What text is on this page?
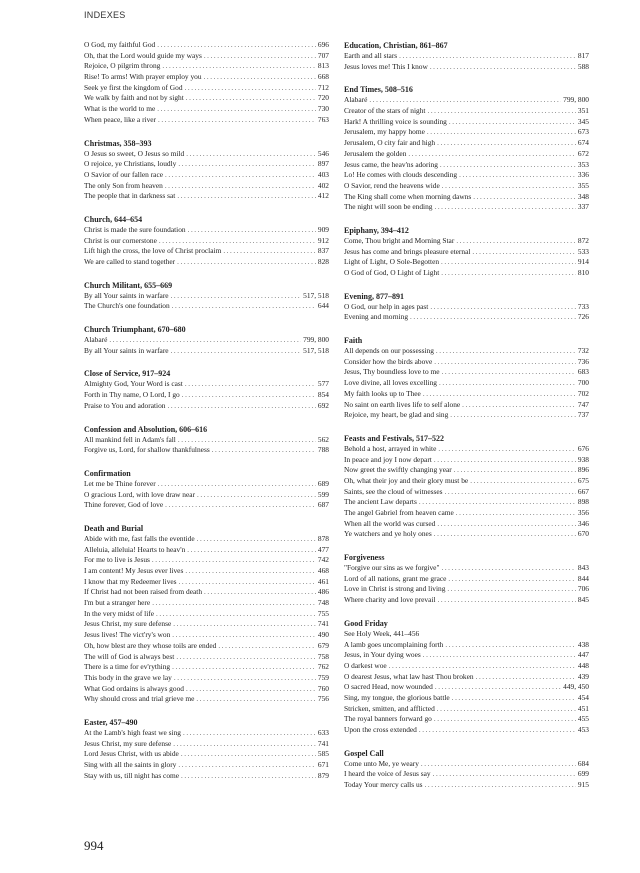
INDEXES
O God, my faithful God .....	696
Oh, that the Lord would guide my ways .....	707
Rejoice, O pilgrim throng .....	813
Rise! To arms! With prayer employ you .....	668
Seek ye first the kingdom of God .....	712
We walk by faith and not by sight .....	720
What is the world to me .....	730
When peace, like a river .....	763
Christmas, 358–393
O Jesus so sweet, O Jesus so mild .....	546
O rejoice, ye Christians, loudly .....	897
O Savior of our fallen race .....	403
The only Son from heaven .....	402
The people that in darkness sat .....	412
Church, 644–654
Christ is made the sure foundation .....	909
Christ is our cornerstone .....	912
Lift high the cross, the love of Christ proclaim .....	837
We are called to stand together .....	828
Church Militant, 655–669
By all Your saints in warfare .....	517, 518
The Church's one foundation .....	644
Church Triumphant, 670–680
Alabaré .....	799, 800
By all Your saints in warfare .....	517, 518
Close of Service, 917–924
Almighty God, Your Word is cast .....	577
Forth in Thy name, O Lord, I go .....	854
Praise to You and adoration .....	692
Confession and Absolution, 606–616
All mankind fell in Adam's fall .....	562
Forgive us, Lord, for shallow thankfulness .....	788
Confirmation
Let me be Thine forever .....	689
O gracious Lord, with love draw near .....	599
Thine forever, God of love .....	687
Death and Burial
Abide with me, fast falls the eventide .....	878
Alleluia, alleluia! Hearts to heav'n .....	477
For me to live is Jesus .....	742
I am content! My Jesus ever lives .....	468
I know that my Redeemer lives .....	461
If Christ had not been raised from death .....	486
I'm but a stranger here .....	748
In the very midst of life .....	755
Jesus Christ, my sure defense .....	741
Jesus lives! The vict'ry's won .....	490
Oh, how blest are they whose toils are ended .....	679
The will of God is always best .....	758
There is a time for ev'rything .....	762
This body in the grave we lay .....	759
What God ordains is always good .....	760
Why should cross and trial grieve me .....	756
Easter, 457–490
At the Lamb's high feast we sing .....	633
Jesus Christ, my sure defense .....	741
Lord Jesus Christ, with us abide .....	585
Sing with all the saints in glory .....	671
Stay with us, till night has come .....	879
Education, Christian, 861–867
Earth and all stars .....	817
Jesus loves me! This I know .....	588
End Times, 508–516
Alabaré .....	799, 800
Creator of the stars of night .....	351
Hark! A thrilling voice is sounding .....	345
Jerusalem, my happy home .....	673
Jerusalem, O city fair and high .....	674
Jerusalem the golden .....	672
Jesus came, the heav'ns adoring .....	353
Lo! He comes with clouds descending .....	336
O Savior, rend the heavens wide .....	355
The King shall come when morning dawns .....	348
The night will soon be ending .....	337
Epiphany, 394–412
Come, Thou bright and Morning Star .....	872
Jesus has come and brings pleasure eternal .....	533
Light of Light, O Sole-Begotten .....	914
O God of God, O Light of Light .....	810
Evening, 877–891
O God, our help in ages past .....	733
Evening and morning .....	726
Faith
All depends on our possessing .....	732
Consider how the birds above .....	736
Jesus, Thy boundless love to me .....	683
Love divine, all loves excelling .....	700
My faith looks up to Thee .....	702
No saint on earth lives life to self alone .....	747
Rejoice, my heart, be glad and sing .....	737
Feasts and Festivals, 517–522
Behold a host, arrayed in white .....	676
In peace and joy I now depart .....	938
Now greet the swiftly changing year .....	896
Oh, what their joy and their glory must be .....	675
Saints, see the cloud of witnesses .....	667
The ancient Law departs .....	898
The angel Gabriel from heaven came .....	356
When all the world was cursed .....	346
Ye watchers and ye holy ones .....	670
Forgiveness
"Forgive our sins as we forgive" .....	843
Lord of all nations, grant me grace .....	844
Love in Christ is strong and living .....	706
Where charity and love prevail .....	845
Good Friday
See Holy Week, 441–456
A lamb goes uncomplaining forth .....	438
Jesus, in Your dying woes .....	447
O darkest woe .....	448
O dearest Jesus, what law hast Thou broken .....	439
O sacred Head, now wounded .....	449, 450
Sing, my tongue, the glorious battle .....	454
Stricken, smitten, and afflicted .....	451
The royal banners forward go .....	455
Upon the cross extended .....	453
Gospel Call
Come unto Me, ye weary .....	684
I heard the voice of Jesus say .....	699
Today Your mercy calls us .....	915
994
